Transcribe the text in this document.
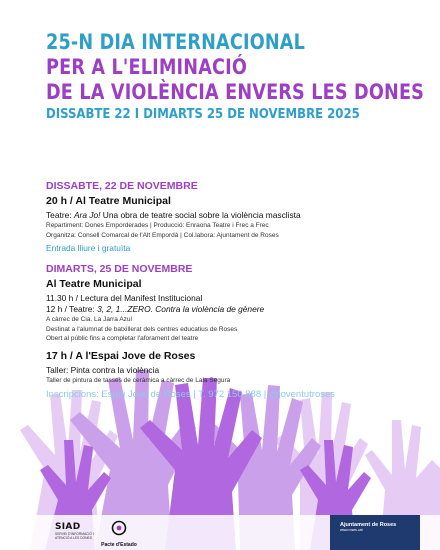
25-N DIA INTERNACIONAL
PER A L'ELIMINACIÓ
DE LA VIOLÈNCIA ENVERS LES DONES
DISSABTE 22 I DIMARTS 25 DE NOVEMBRE 2025
DISSABTE, 22 DE NOVEMBRE
20 h / Al Teatre Municipal
Teatre: Ara Jo! Una obra de teatre social sobre la violència masclista
Repartiment: Dones Emporderades | Producció: Enraona Teatre i Frec a Frec
Organitza: Consell Comarcal de l'Alt Empordà | Col.labora: Ajuntament de Roses
Entrada lliure i gratuïta
DIMARTS, 25 DE NOVEMBRE
Al Teatre Municipal
11.30 h / Lectura del Manifest Institucional
12 h / Teatre: 3, 2, 1...ZERO. Contra la violència de gènere
A càrrec de Cia. La Jarra Azul
Destinat a l'alumnat de batxillerat dels centres educatius de Roses
Obert al públic fins a completar l'aforament del teatre
17 h / A l'Espai Jove de Roses
Taller: Pinta contra la violència
Taller de pintura de tasses de ceràmica a càrrec de Laia Segura
Inscripcions: Espai Jove de Roses | T. 972 150 888 | @joventutroses
SIAD
SERVEI D'INFORMACIÓ I ATENCIÓ A LES DONES
Pacte d'Estado
Ajuntament de Roses
www.roses.cat
